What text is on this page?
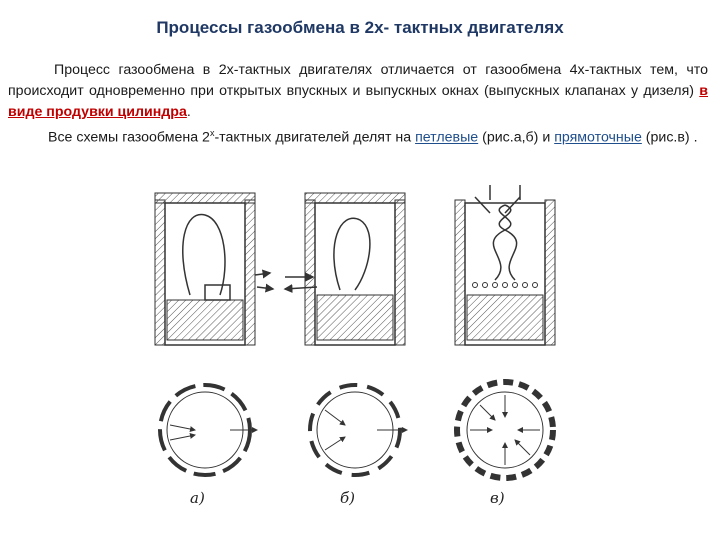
Процессы газообмена в 2х- тактных двигателях

Процесс газообмена в 2х-тактных двигателях отличается от газообмена 4х-тактных тем, что происходит одновременно при открытых впускных и выпускных окнах (выпускных клапанах у дизеля) в виде продувки цилиндра.

Все схемы газообмена $2^х$-тактных двигателей делят на петлевые (рис.а,б) и прямоточные (рис.в) .

а)	б)	в)
